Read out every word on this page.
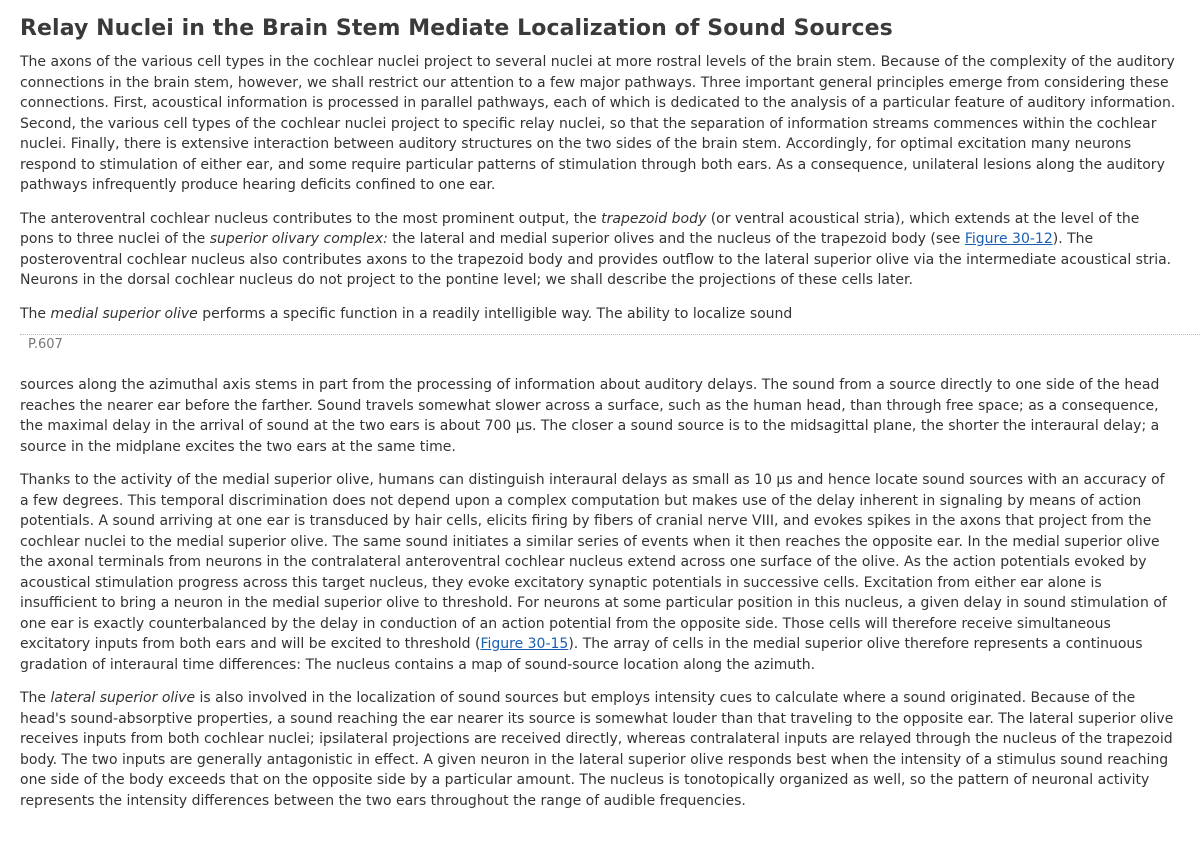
Relay Nuclei in the Brain Stem Mediate Localization of Sound Sources

The axons of the various cell types in the cochlear nuclei project to several nuclei at more rostral levels of the brain stem. Because of the complexity of the auditory connections in the brain stem, however, we shall restrict our attention to a few major pathways. Three important general principles emerge from considering these connections. First, acoustical information is processed in parallel pathways, each of which is dedicated to the analysis of a particular feature of auditory information. Second, the various cell types of the cochlear nuclei project to specific relay nuclei, so that the separation of information streams commences within the cochlear nuclei. Finally, there is extensive interaction between auditory structures on the two sides of the brain stem. Accordingly, for optimal excitation many neurons respond to stimulation of either ear, and some require particular patterns of stimulation through both ears. As a consequence, unilateral lesions along the auditory pathways infrequently produce hearing deficits confined to one ear.

The anteroventral cochlear nucleus contributes to the most prominent output, the trapezoid body (or ventral acoustical stria), which extends at the level of the pons to three nuclei of the superior olivary complex: the lateral and medial superior olives and the nucleus of the trapezoid body (see Figure 30-12). The posteroventral cochlear nucleus also contributes axons to the trapezoid body and provides outflow to the lateral superior olive via the intermediate acoustical stria. Neurons in the dorsal cochlear nucleus do not project to the pontine level; we shall describe the projections of these cells later.

The medial superior olive performs a specific function in a readily intelligible way. The ability to localize sound

P.607

sources along the azimuthal axis stems in part from the processing of information about auditory delays. The sound from a source directly to one side of the head reaches the nearer ear before the farther. Sound travels somewhat slower across a surface, such as the human head, than through free space; as a consequence, the maximal delay in the arrival of sound at the two ears is about 700 μs. The closer a sound source is to the midsagittal plane, the shorter the interaural delay; a source in the midplane excites the two ears at the same time.

Thanks to the activity of the medial superior olive, humans can distinguish interaural delays as small as 10 μs and hence locate sound sources with an accuracy of a few degrees. This temporal discrimination does not depend upon a complex computation but makes use of the delay inherent in signaling by means of action potentials. A sound arriving at one ear is transduced by hair cells, elicits firing by fibers of cranial nerve VIII, and evokes spikes in the axons that project from the cochlear nuclei to the medial superior olive. The same sound initiates a similar series of events when it then reaches the opposite ear. In the medial superior olive the axonal terminals from neurons in the contralateral anteroventral cochlear nucleus extend across one surface of the olive. As the action potentials evoked by acoustical stimulation progress across this target nucleus, they evoke excitatory synaptic potentials in successive cells. Excitation from either ear alone is insufficient to bring a neuron in the medial superior olive to threshold. For neurons at some particular position in this nucleus, a given delay in sound stimulation of one ear is exactly counterbalanced by the delay in conduction of an action potential from the opposite side. Those cells will therefore receive simultaneous excitatory inputs from both ears and will be excited to threshold (Figure 30-15). The array of cells in the medial superior olive therefore represents a continuous gradation of interaural time differences: The nucleus contains a map of sound-source location along the azimuth.

The lateral superior olive is also involved in the localization of sound sources but employs intensity cues to calculate where a sound originated. Because of the head's sound-absorptive properties, a sound reaching the ear nearer its source is somewhat louder than that traveling to the opposite ear. The lateral superior olive receives inputs from both cochlear nuclei; ipsilateral projections are received directly, whereas contralateral inputs are relayed through the nucleus of the trapezoid body. The two inputs are generally antagonistic in effect. A given neuron in the lateral superior olive responds best when the intensity of a stimulus sound reaching one side of the body exceeds that on the opposite side by a particular amount. The nucleus is tonotopically organized as well, so the pattern of neuronal activity represents the intensity differences between the two ears throughout the range of audible frequencies.
